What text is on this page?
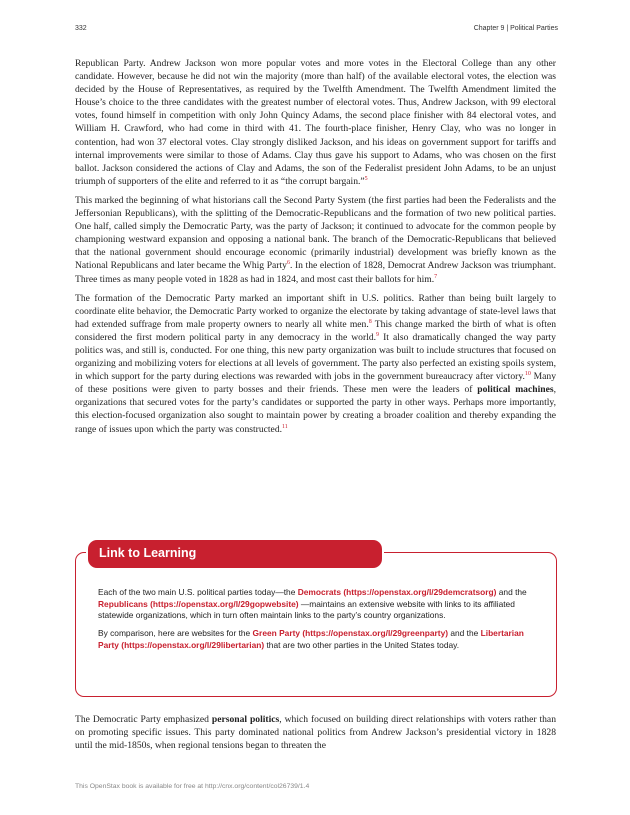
332	Chapter 9 | Political Parties

Republican Party. Andrew Jackson won more popular votes and more votes in the Electoral College than any other candidate. However, because he did not win the majority (more than half) of the available electoral votes, the election was decided by the House of Representatives, as required by the Twelfth Amendment. The Twelfth Amendment limited the House’s choice to the three candidates with the greatest number of electoral votes. Thus, Andrew Jackson, with 99 electoral votes, found himself in competition with only John Quincy Adams, the second place finisher with 84 electoral votes, and William H. Crawford, who had come in third with 41. The fourth-place finisher, Henry Clay, who was no longer in contention, had won 37 electoral votes. Clay strongly disliked Jackson, and his ideas on government support for tariffs and internal improvements were similar to those of Adams. Clay thus gave his support to Adams, who was chosen on the first ballot. Jackson considered the actions of Clay and Adams, the son of the Federalist president John Adams, to be an unjust triumph of supporters of the elite and referred to it as “the corrupt bargain.”$^5$

This marked the beginning of what historians call the Second Party System (the first parties had been the Federalists and the Jeffersonian Republicans), with the splitting of the Democratic-Republicans and the formation of two new political parties. One half, called simply the Democratic Party, was the party of Jackson; it continued to advocate for the common people by championing westward expansion and opposing a national bank. The branch of the Democratic-Republicans that believed that the national government should encourage economic (primarily industrial) development was briefly known as the National Republicans and later became the Whig Party$^6$. In the election of 1828, Democrat Andrew Jackson was triumphant. Three times as many people voted in 1828 as had in 1824, and most cast their ballots for him.$^7$

The formation of the Democratic Party marked an important shift in U.S. politics. Rather than being built largely to coordinate elite behavior, the Democratic Party worked to organize the electorate by taking advantage of state-level laws that had extended suffrage from male property owners to nearly all white men.$^8$ This change marked the birth of what is often considered the first modern political party in any democracy in the world.$^9$ It also dramatically changed the way party politics was, and still is, conducted. For one thing, this new party organization was built to include structures that focused on organizing and mobilizing voters for elections at all levels of government. The party also perfected an existing spoils system, in which support for the party during elections was rewarded with jobs in the government bureaucracy after victory.$^{10}$ Many of these positions were given to party bosses and their friends. These men were the leaders of political machines, organizations that secured votes for the party’s candidates or supported the party in other ways. Perhaps more importantly, this election-focused organization also sought to maintain power by creating a broader coalition and thereby expanding the range of issues upon which the party was constructed.$^{11}$

Link to Learning

Each of the two main U.S. political parties today—the Democrats (https://openstax.org/l/29demcratsorg) and the Republicans (https://openstax.org/l/29gopwebsite) —maintains an extensive website with links to its affiliated statewide organizations, which in turn often maintain links to the party’s country organizations.

By comparison, here are websites for the Green Party (https://openstax.org/l/29greenparty) and the Libertarian Party (https://openstax.org/l/29libertarian) that are two other parties in the United States today.

The Democratic Party emphasized personal politics, which focused on building direct relationships with voters rather than on promoting specific issues. This party dominated national politics from Andrew Jackson’s presidential victory in 1828 until the mid-1850s, when regional tensions began to threaten the
This OpenStax book is available for free at http://cnx.org/content/col26739/1.4
